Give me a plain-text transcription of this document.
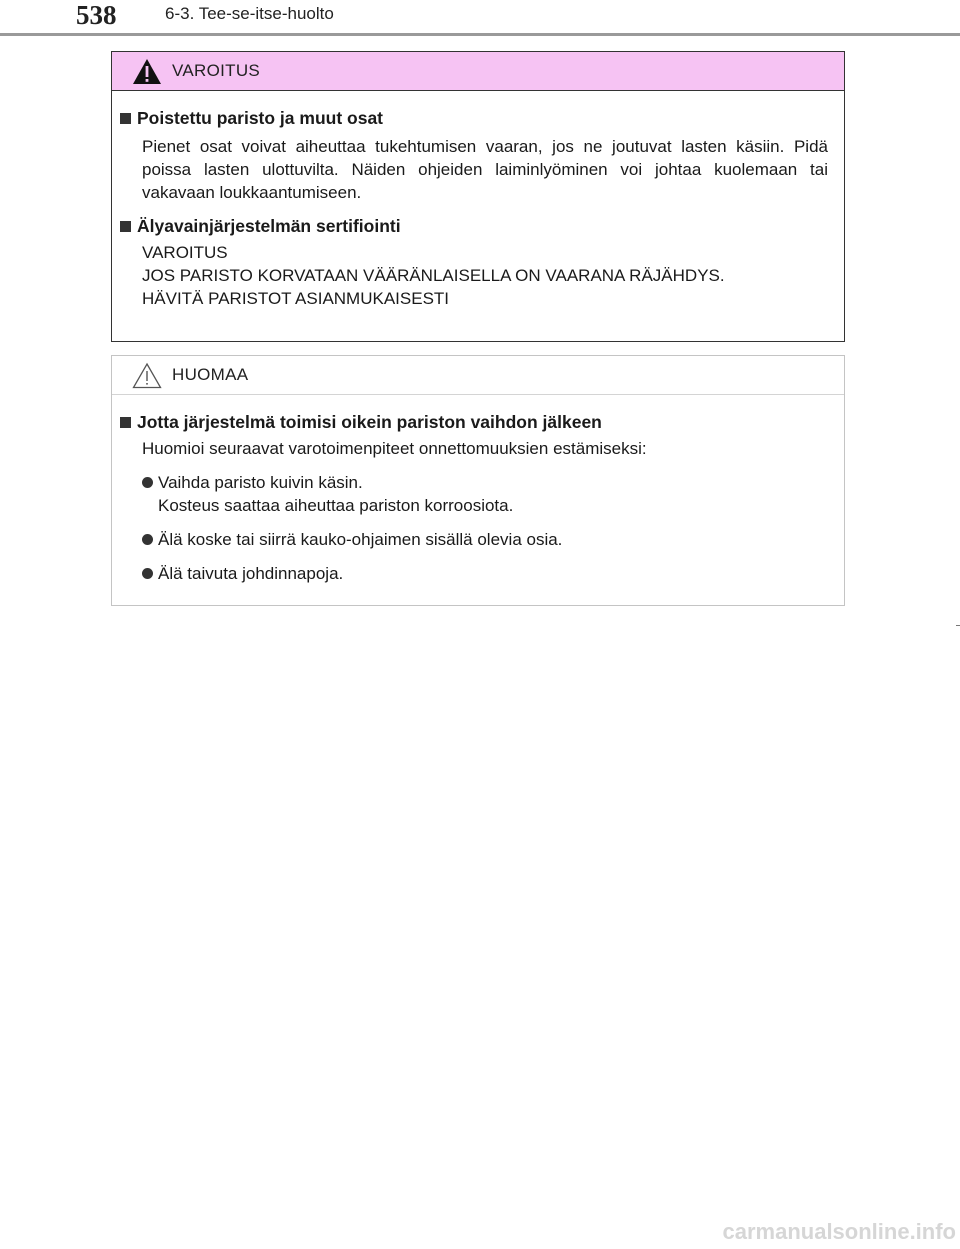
538	6-3. Tee-se-itse-huolto
VAROITUS
Poistettu paristo ja muut osat
Pienet osat voivat aiheuttaa tukehtumisen vaaran, jos ne joutuvat lasten käsiin. Pidä poissa lasten ulottuvilta. Näiden ohjeiden laiminlyöminen voi johtaa kuolemaan tai vakavaan loukkaantumiseen.
Älyavainjärjestelmän sertifiointi
VAROITUS
JOS PARISTO KORVATAAN VÄÄRÄNLAISELLA ON VAARANA RÄJÄHDYS.
HÄVITÄ PARISTOT ASIANMUKAISESTI
HUOMAA
Jotta järjestelmä toimisi oikein pariston vaihdon jälkeen
Huomioi seuraavat varotoimenpiteet onnettomuuksien estämiseksi:
Vaihda paristo kuivin käsin.
Kosteus saattaa aiheuttaa pariston korroosiota.
Älä koske tai siirrä kauko-ohjaimen sisällä olevia osia.
Älä taivuta johdinnapoja.
carmanualsonline.info
